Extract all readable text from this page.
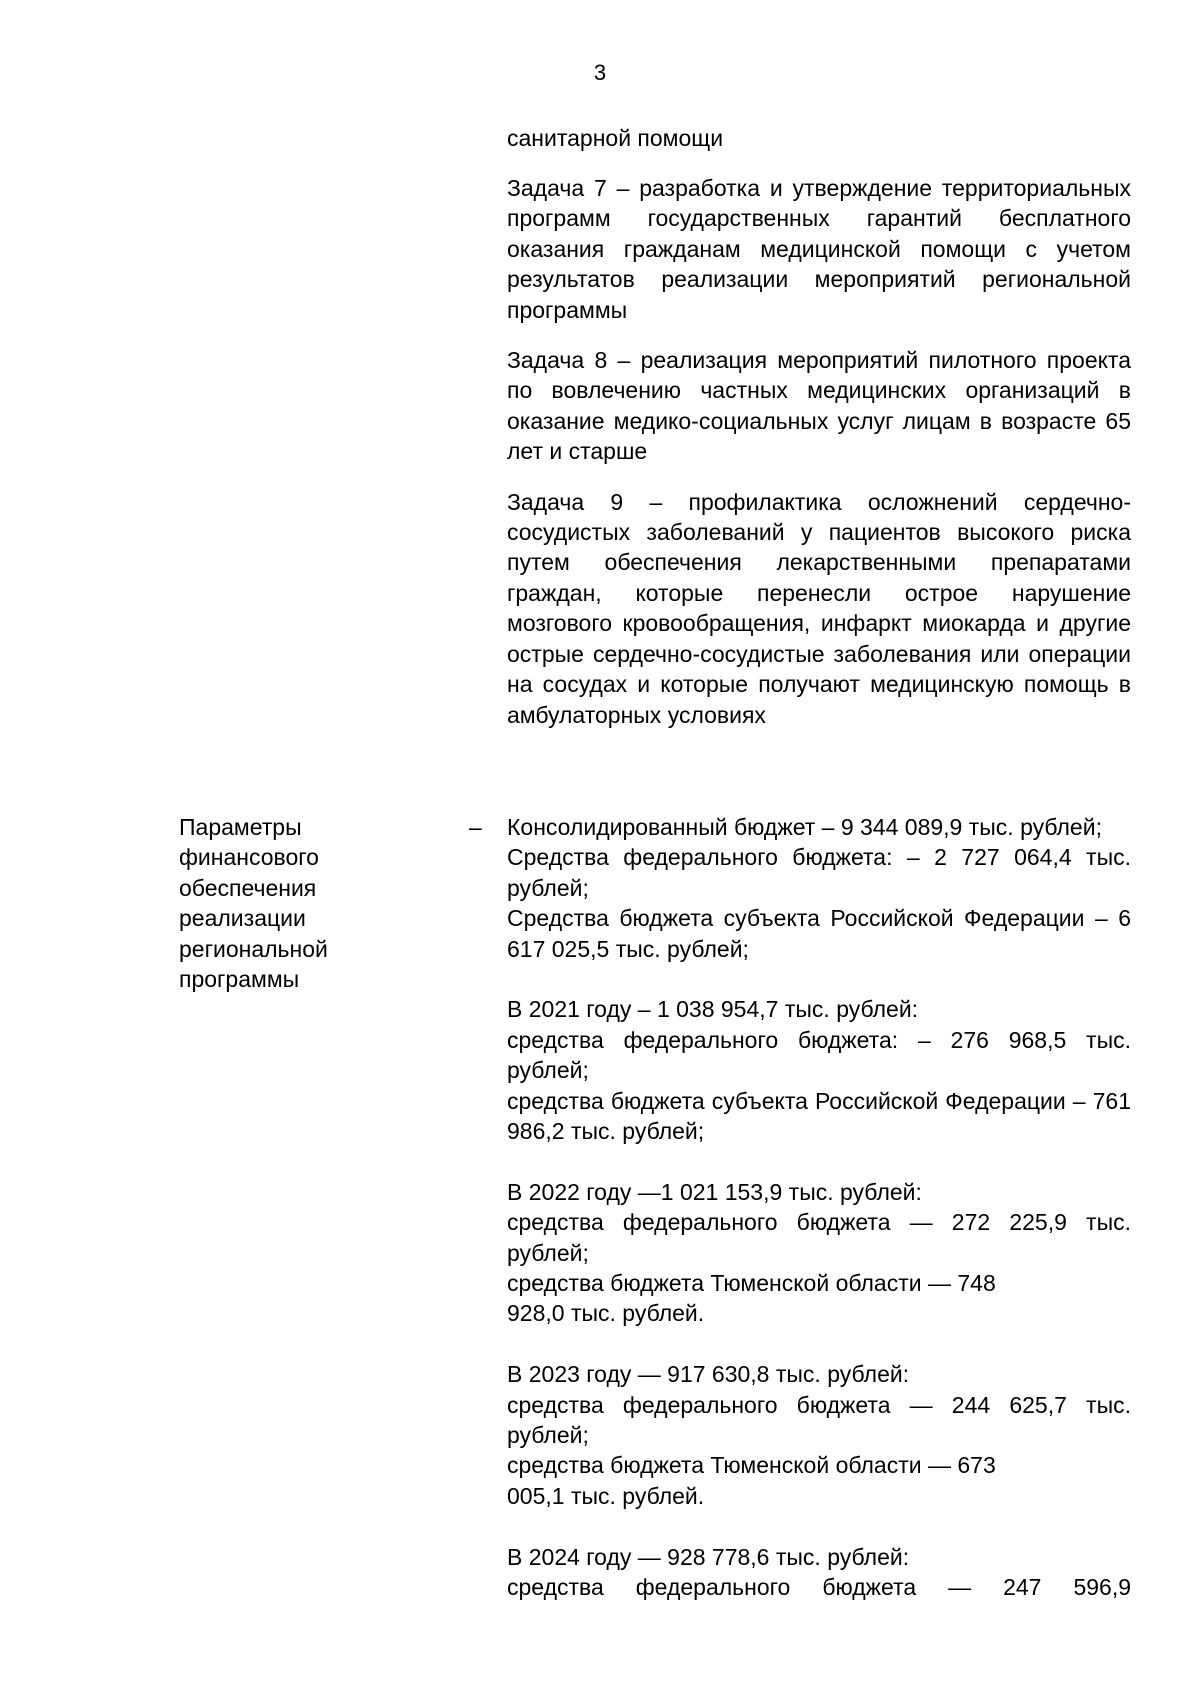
3
санитарной помощи

Задача 7 – разработка и утверждение территориальных программ государственных гарантий бесплатного оказания гражданам медицинской помощи с учетом результатов реализации мероприятий региональной программы

Задача 8 – реализация мероприятий пилотного проекта по вовлечению частных медицинских организаций в оказание медико-социальных услуг лицам в возрасте 65 лет и старше

Задача 9 – профилактика осложнений сердечно-сосудистых заболеваний у пациентов высокого риска путем обеспечения лекарственными препаратами граждан, которые перенесли острое нарушение мозгового кровообращения, инфаркт миокарда и другие острые сердечно-сосудистые заболевания или операции на сосудах и которые получают медицинскую помощь в амбулаторных условиях

Параметры финансового обеспечения реализации региональной программы
– Консолидированный бюджет – 9 344 089,9 тыс. рублей;

Средства федерального бюджета: – 2 727 064,4 тыс. рублей;

Средства бюджета субъекта Российской Федерации – 6 617 025,5 тыс. рублей;

В 2021 году – 1 038 954,7 тыс. рублей:

средства федерального бюджета: – 276 968,5 тыс. рублей;

средства бюджета субъекта Российской Федерации – 761 986,2 тыс. рублей;

В 2022 году —1 021 153,9 тыс. рублей:

средства федерального бюджета — 272 225,9 тыс. рублей;

средства бюджета Тюменской области — 748 928,0 тыс. рублей.

В 2023 году — 917 630,8 тыс. рублей:

средства федерального бюджета — 244 625,7 тыс. рублей;

средства бюджета Тюменской области — 673 005,1 тыс. рублей.

В 2024 году — 928 778,6 тыс. рублей:

средства федерального бюджета — 247 596,9
